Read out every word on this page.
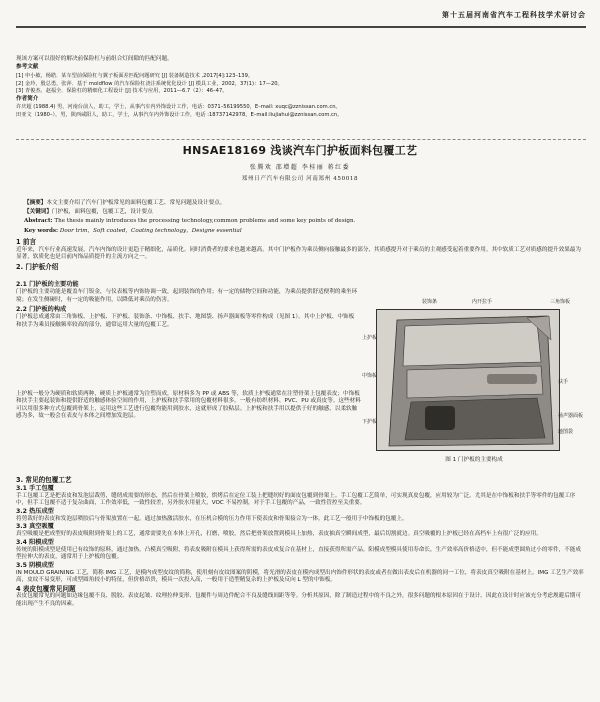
第十五届河南省汽车工程科技学术研讨会

现该方案可以很好的解决前保险杠与前组合灯间隙的匹配问题。

参考文献

[1] 申小敏，杨皓．某车型前保险杠与翼子板面差匹配问题研究 [J] 装备制造技术 ,2017[4]:123–139。

[2] 金玲，殷总勇，张萍．基于 moldflow 的汽车保险杠浇注系统优化设计 [J] 模具工业，2002，37(1)：17—20。

[3] 青俊杰、赵福全．保险杠的精细化工程设计 [J] 技术与应用，2011—6.7（2）：46–47。

作者简介

许庆超 (1988.4) 男，河南台前人，助工，学士，从事汽车内外饰设计工作，电话：0371–56199550，E–mail: xuqc@zznissan.com.cn。

田亚文（1980–），男，陕西咸阳人，助工，学士，从事汽车内外饰设计工作，电话 :18737142978，E–mail:liujiahui@zznissan.com.cn。

HNSAE18169 浅谈汽车门护板面料包覆工艺
张腾欢 邵增超 李桂丽 蒋红委
郑州日产汽车有限公司 河南郑州 450018
【摘要】本文主要介绍了汽车门护板常见的面料包覆工艺、常见问题及设计要点。
【关键词】门护板，面料包覆，包覆工艺，设计要点
Abstract: The thesis mainly introduces the processing technology,common problems and some key points of design.
Key words: Door trim，Soft coated，Coating technology，Designe essential
1 前言
近年来，汽车行业高速发展，汽车内饰的设计更趋于精细化，品质化。同时消费者的要求也越来越高。其中门护板作为乘员侧向接触最多的部分，其质感提升对于乘员的主观感受起着重要作用。其中软质工艺对质感的提升效果最为显著，软质化也是目前内饰品质提升的主流方向之一。
2. 门护板介绍
2.1 门护板的主要功能
门护板的主要功能是覆盖车门钣金，与仪表板等内饰协调一致，起到装饰的作用；有一定的储物空间和功能，为乘员提供舒适便利的乘坐环境；在发生侧碰时，有一定的吸能作用，以降低对乘员的伤害。
2.2 门护板的构成
门护板总成通常由三角饰板、上护板、下护板、装饰条、中饰板、扶手、地图袋、扬声器面板等零件构成（见图 1）。其中上护板、中饰板和扶手为乘员接触频率较高的部分，通常运用大量的包覆工艺。
上护板一般分为硬质和软质两种，硬质上护板通常为注塑而成，原材料多为 PP 或 ABS 等，软质上护板通常在注塑骨架上包覆表皮；中饰板和扶手主要起装饰和提供舒适的触感体验空间的作用，上护板和扶手常用的包覆材料很多，一般有纺织材料、PVC、PU 或真皮等。这些材料可以用很多种方式包覆到骨架上，运用这些工艺进行包覆均能用到胶水，这就形成了胶粘层。上护板和扶手用以提供于好的触感，以柔软触感为多，故一般会在表皮与本体之间增加发泡层。
装饰条	内开拉手	三角饰板
上护板
中饰板
扶手
下护板
扬声器面板
地图袋
图 1 门护板的主要构成
3. 常见的包覆工艺
3.1 手工包覆
手工包覆工艺是把表皮和发泡层裁剪，缝纫成需要的形态，然后在骨架上喷胶，烘烤后在定位工装上把缝纫好的面皮包覆到骨架上。手工包覆工艺简单，可实现真皮包覆，应用较为广泛，尤其是在中饰板和扶手等零件的包覆工序中，但手工包覆不适于复杂曲面，工作效率低，一致性较差，另外胶水用量大，VOC 不易控制，对于手工包覆的产品，一致性管控至关重要。
3.2 热压成型
将剪裁好的表皮和发泡层喷胶后与骨架放置在一起，通过加热激活胶水，在压机合模的压力作用下使表皮和骨架接合为一体。此工艺一般用于中饰板的包覆上。
3.3 真空吸覆
真空吸覆是把成型好的表皮吸附到骨架上的工艺，通常需要先在本体上开孔，打磨，喷胶，然后把骨架放置到模具上加热，表皮抽真空瞬间成型，最后切割就边。真空吸覆的上护板已经在高档车上有很广泛的应用。
3.4 阳模成型
传统的阳模成型是使用已有纹饰的原料，通过加热，凸模真空吸附，将表皮吸附在模具上获得所需的表皮成复合在基材上，直接获得所需产品。阳模成型模具使用寿命长，生产效率高价格适中，但不能成型圆角过小的零件，不能成型拉伸大的表皮，通常用于上护板的包覆。
3.5 阴模成型
IN MOULD GRAINING 工艺，简称 IMG 工艺，是模内成型皮纹的简称，使用刻有皮纹图案的阴模，将光滑的表皮在模内成型出内饰件形状的表皮或者在做出表皮后在机器的同一工位，将表皮真空吸附在基材上。IMG 工艺生产效率高，皮纹不易变形，可成型圆角较小的特征，但价格昂贵，模具一次投入高，一般用于造型精复杂的上护板及反向 L 型的中饰板。
4 表皮包覆常见问题
表皮包覆常见的问题如边缘包覆不良、脱胶、表皮起皱、纹理拉伸变形、包覆件与周边件配合不良及缝线间距等等。分析其原因，除了制造过程中的不良之外，很多问题的根本原因在于设计。因此在设计时应该充分考虑规避后期可能出现产生不良的因素。
